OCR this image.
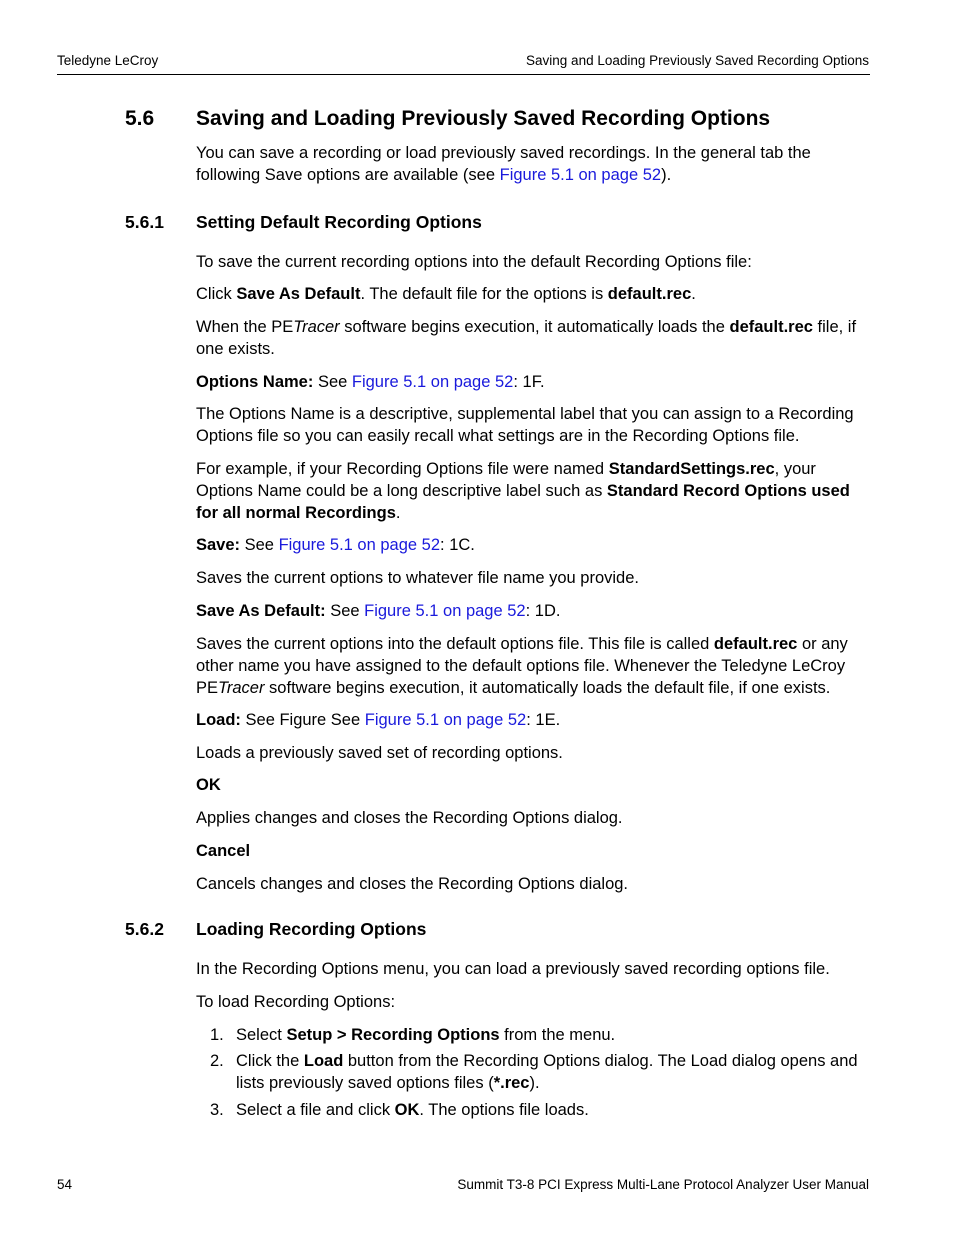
Teledyne LeCroy	Saving and Loading Previously Saved Recording Options
5.6 Saving and Loading Previously Saved Recording Options
You can save a recording or load previously saved recordings. In the general tab the following Save options are available (see Figure 5.1 on page 52).
5.6.1 Setting Default Recording Options
To save the current recording options into the default Recording Options file:
Click Save As Default. The default file for the options is default.rec.
When the PETracer software begins execution, it automatically loads the default.rec file, if one exists.
Options Name: See Figure 5.1 on page 52: 1F.
The Options Name is a descriptive, supplemental label that you can assign to a Recording Options file so you can easily recall what settings are in the Recording Options file.
For example, if your Recording Options file were named StandardSettings.rec, your Options Name could be a long descriptive label such as Standard Record Options used for all normal Recordings.
Save: See Figure 5.1 on page 52: 1C.
Saves the current options to whatever file name you provide.
Save As Default: See Figure 5.1 on page 52: 1D.
Saves the current options into the default options file. This file is called default.rec or any other name you have assigned to the default options file. Whenever the Teledyne LeCroy PETracer software begins execution, it automatically loads the default file, if one exists.
Load: See Figure See Figure 5.1 on page 52: 1E.
Loads a previously saved set of recording options.
OK
Applies changes and closes the Recording Options dialog.
Cancel
Cancels changes and closes the Recording Options dialog.
5.6.2 Loading Recording Options
In the Recording Options menu, you can load a previously saved recording options file.
To load Recording Options:
1. Select Setup > Recording Options from the menu.
2. Click the Load button from the Recording Options dialog. The Load dialog opens and lists previously saved options files (*.rec).
3. Select a file and click OK. The options file loads.
54	Summit T3-8 PCI Express Multi-Lane Protocol Analyzer User Manual
